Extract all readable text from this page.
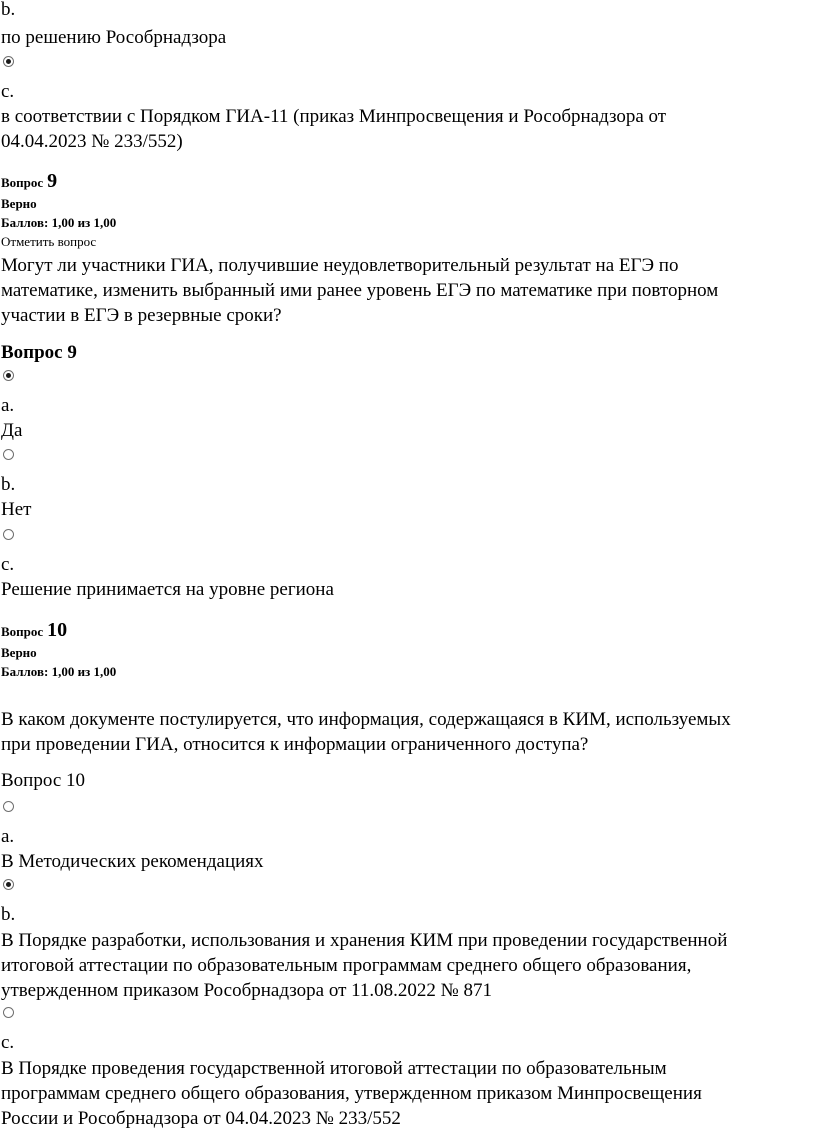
b.
по решению Рособрнадзора
c.
в соответствии с Порядком ГИА-11 (приказ Минпросвещения и Рособрнадзора от
04.04.2023 № 233/552)
Вопрос 9
Верно
Баллов: 1,00 из 1,00
Отметить вопрос
Могут ли участники ГИА, получившие неудовлетворительный результат на ЕГЭ по
математике, изменить выбранный ими ранее уровень ЕГЭ по математике при повторном
участии в ЕГЭ в резервные сроки?
Вопрос 9
a.
Да
b.
Нет
c.
Решение принимается на уровне региона
Вопрос 10
Верно
Баллов: 1,00 из 1,00
В каком документе постулируется, что информация, содержащаяся в КИМ, используемых
при проведении ГИА, относится к информации ограниченного доступа?
Вопрос 10
a.
В Методических рекомендациях
b.
В Порядке разработки, использования и хранения КИМ при проведении государственной
итоговой аттестации по образовательным программам среднего общего образования,
утвержденном приказом Рособрнадзора от 11.08.2022 № 871
c.
В Порядке проведения государственной итоговой аттестации по образовательным
программам среднего общего образования, утвержденном приказом Минпросвещения
России и Рособрнадзора от 04.04.2023 № 233/552
